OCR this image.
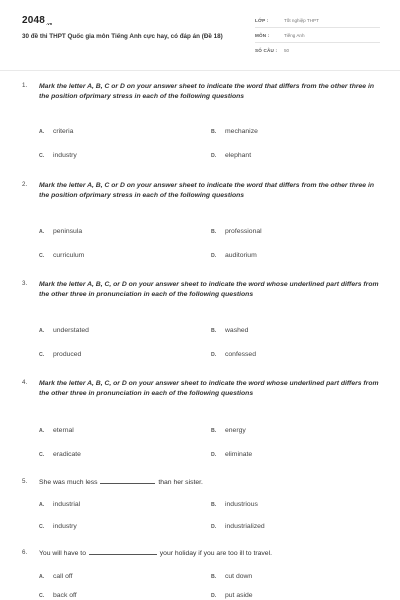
2048.vn
30 đề thi THPT Quốc gia môn Tiếng Anh cực hay, có đáp án (Đề 18)
LỚP :	Tốt nghiệp THPT
MÔN :	Tiếng Anh
SỐ CÂU : 50
1. Mark the letter A, B, C or D on your answer sheet to indicate the word that differs from the other three in the position ofprimary stress in each of the following questions
A. criteria	B. mechanize
C. industry	D. elephant
2. Mark the letter A, B, C or D on your answer sheet to indicate the word that differs from the other three in the position ofprimary stress in each of the following questions
A. peninsula	B. professional
C. curriculum	D. auditorium
3. Mark the letter A, B, C, or D on your answer sheet to indicate the word whose underlined part differs from the other three in pronunciation in each of the following questions
A. understated	B. washed
C. produced	D. confessed
4. Mark the letter A, B, C, or D on your answer sheet to indicate the word whose underlined part differs from the other three in pronunciation in each of the following questions
A. eternal	B. energy
C. eradicate	D. eliminate
5. She was much less	than her sister.
A. industrial	B. industrious
C. industry	D. industrialized
6. You will have to	your holiday if you are too ill to travel.
A. call off	B. cut down
C. back off	D. put aside
